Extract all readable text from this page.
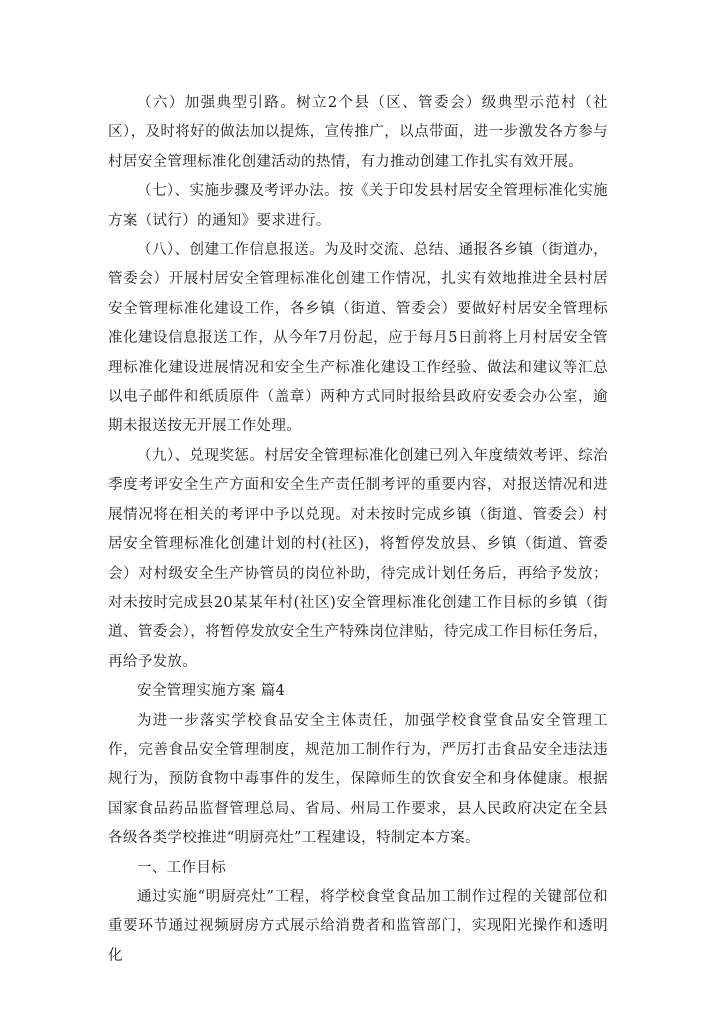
（六）加强典型引路。树立2个县（区、管委会）级典型示范村（社区），及时将好的做法加以提炼，宣传推广，以点带面，进一步激发各方参与村居安全管理标准化创建活动的热情，有力推动创建工作扎实有效开展。

（七）、实施步骤及考评办法。按《关于印发县村居安全管理标准化实施方案（试行）的通知》要求进行。

（八）、创建工作信息报送。为及时交流、总结、通报各乡镇（街道办，管委会）开展村居安全管理标准化创建工作情况，扎实有效地推进全县村居安全管理标准化建设工作，各乡镇（街道、管委会）要做好村居安全管理标准化建设信息报送工作，从今年7月份起，应于每月5日前将上月村居安全管理标准化建设进展情况和安全生产标准化建设工作经验、做法和建议等汇总以电子邮件和纸质原件（盖章）两种方式同时报给县政府安委会办公室，逾期未报送按无开展工作处理。

（九）、兑现奖惩。村居安全管理标准化创建已列入年度绩效考评、综治季度考评安全生产方面和安全生产责任制考评的重要内容，对报送情况和进展情况将在相关的考评中予以兑现。对未按时完成乡镇（街道、管委会）村居安全管理标准化创建计划的村(社区)，将暂停发放县、乡镇（街道、管委会）对村级安全生产协管员的岗位补助，待完成计划任务后，再给予发放；对未按时完成县20某某年村(社区)安全管理标准化创建工作目标的乡镇（街道、管委会），将暂停发放安全生产特殊岗位津贴，待完成工作目标任务后，再给予发放。

安全管理实施方案 篇4

为进一步落实学校食品安全主体责任，加强学校食堂食品安全管理工作，完善食品安全管理制度，规范加工制作行为，严厉打击食品安全违法违规行为，预防食物中毒事件的发生，保障师生的饮食安全和身体健康。根据国家食品药品监督管理总局、省局、州局工作要求，县人民政府决定在全县各级各类学校推进“明厨亮灶”工程建设，特制定本方案。

一、工作目标

通过实施“明厨亮灶”工程，将学校食堂食品加工制作过程的关键部位和重要环节通过视频厨房方式展示给消费者和监管部门，实现阳光操作和透明化
